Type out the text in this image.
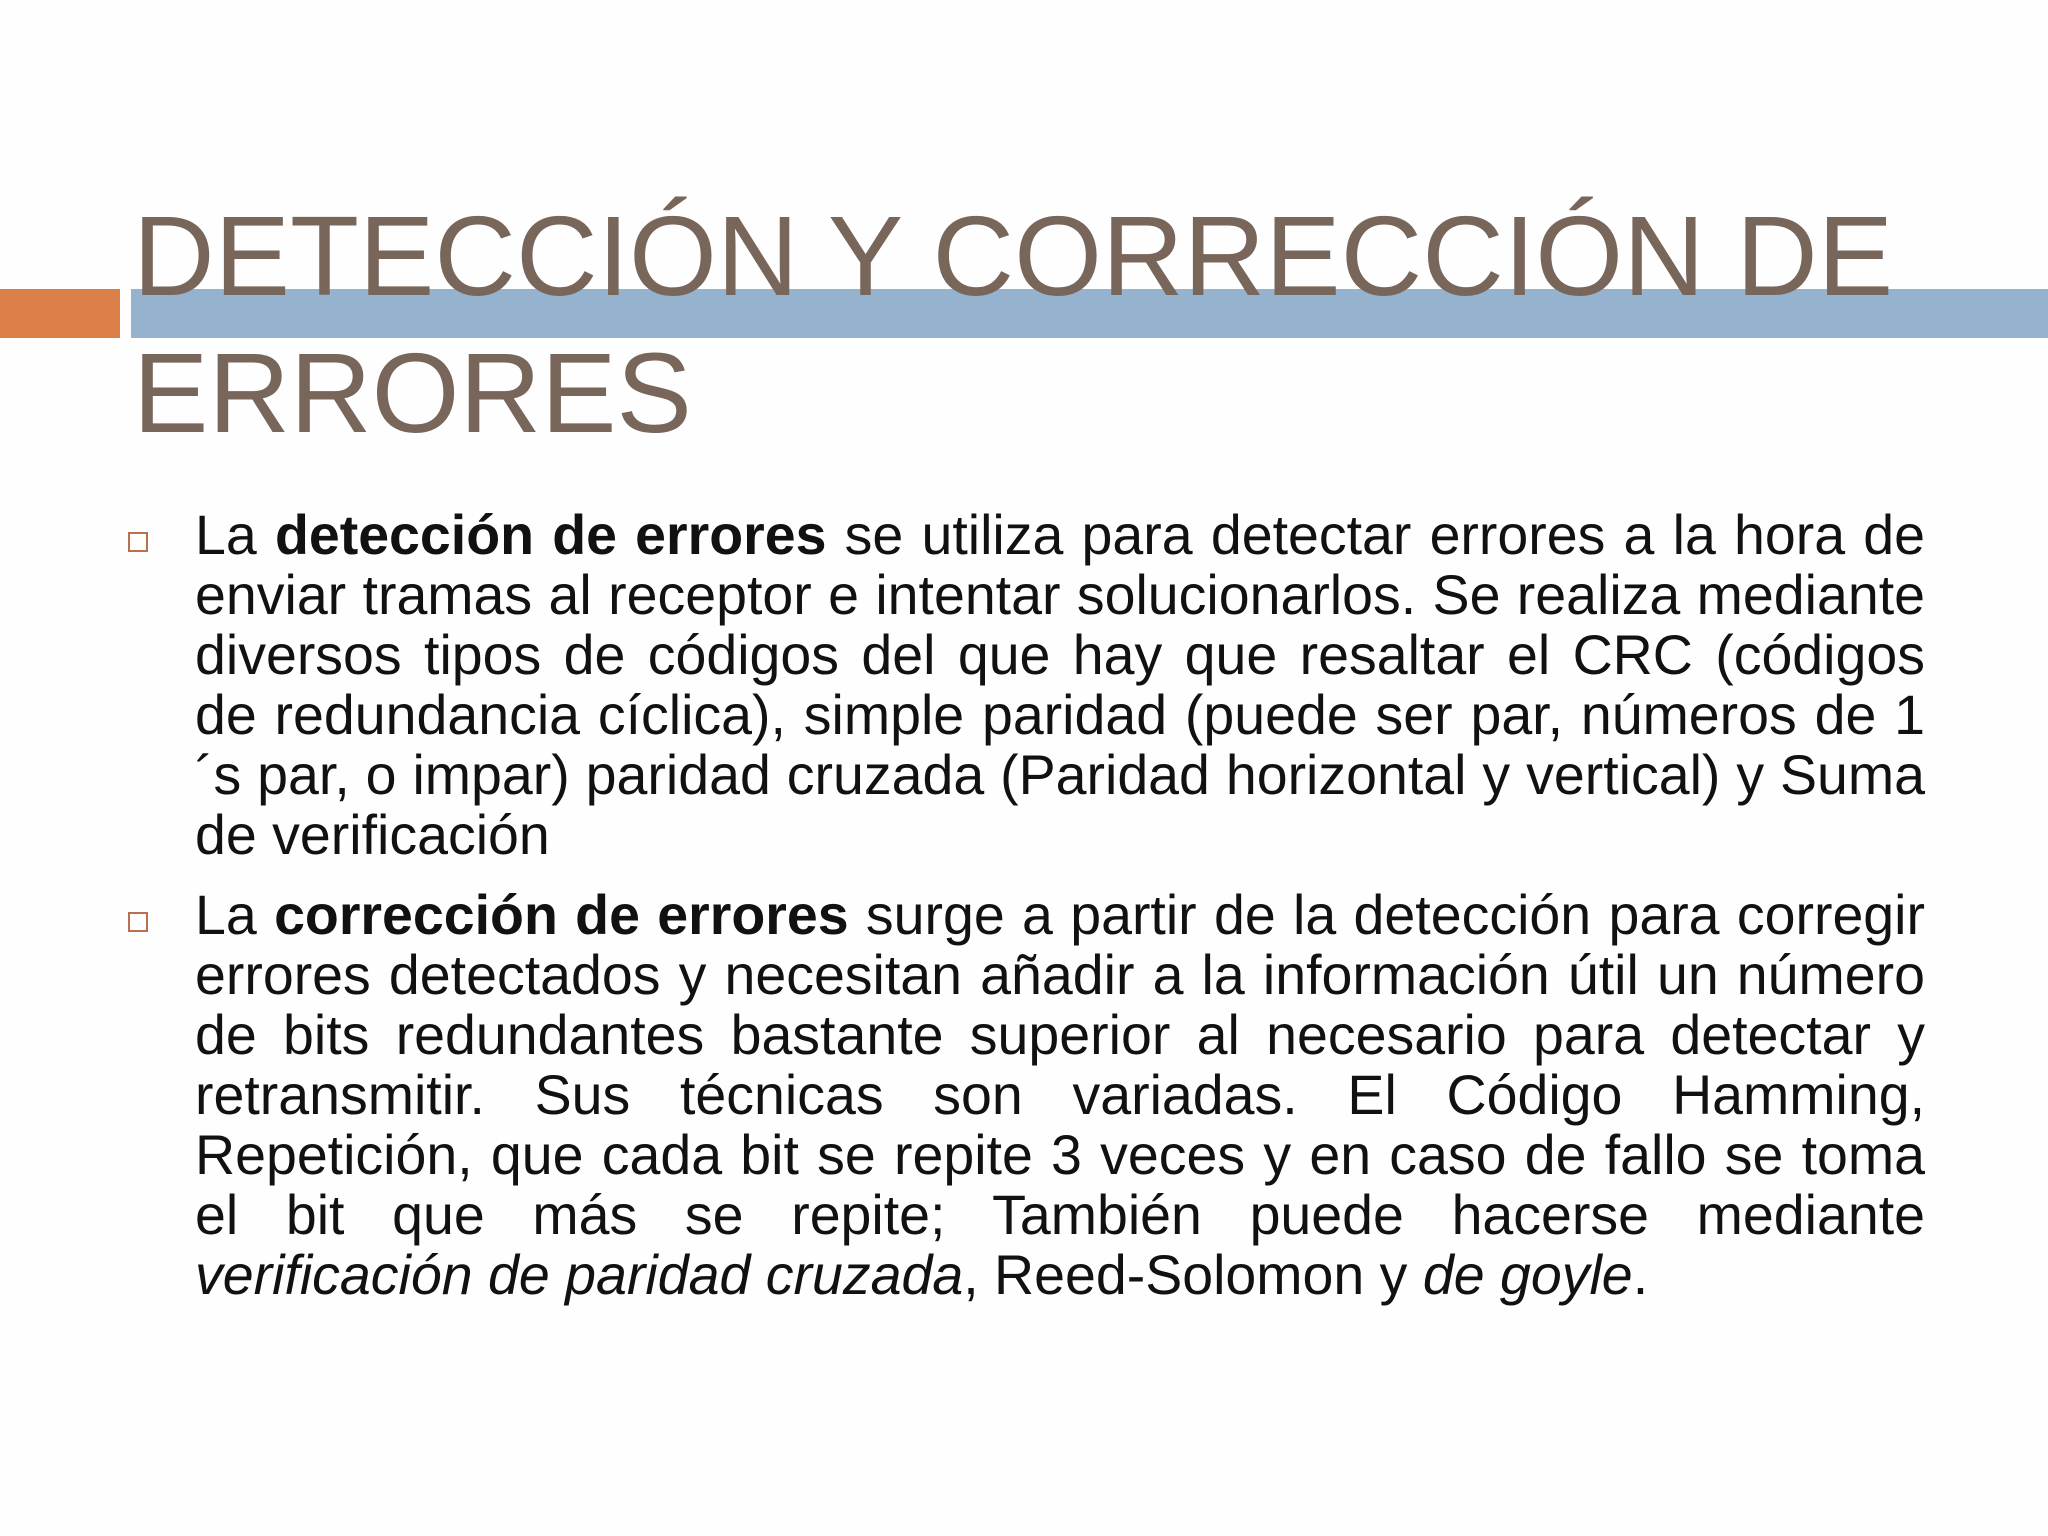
DETECCIÓN Y CORRECCIÓN DE
ERRORES
La detección de errores se utiliza para detectar errores a la hora de enviar tramas al receptor e intentar solucionarlos. Se realiza mediante diversos tipos de códigos del que hay que resaltar el CRC (códigos de redundancia cíclica), simple paridad (puede ser par, números de 1´s par, o impar) paridad cruzada (Paridad horizontal y vertical) y Suma de verificación
La corrección de errores surge a partir de la detección para corregir errores detectados y necesitan añadir a la información útil un número de bits redundantes bastante superior al necesario para detectar y retransmitir. Sus técnicas son variadas. El Código Hamming, Repetición, que cada bit se repite 3 veces y en caso de fallo se toma el bit que más se repite; También puede hacerse mediante verificación de paridad cruzada, Reed-Solomon y de goyle.
